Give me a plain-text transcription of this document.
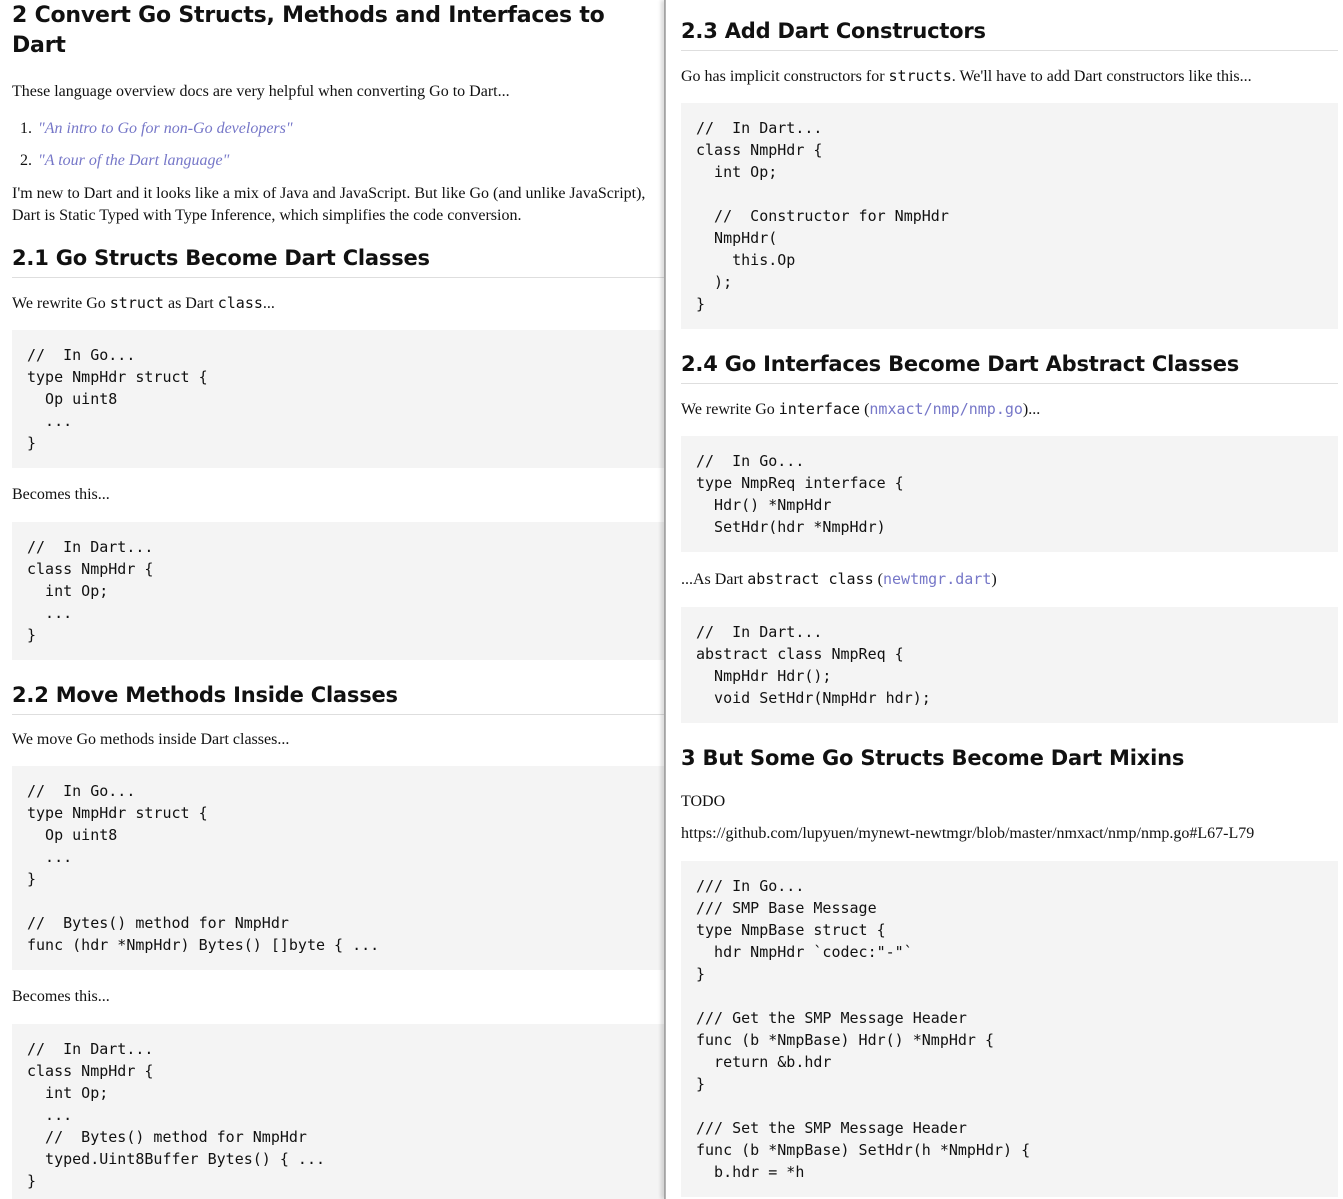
2 Convert Go Structs, Methods and Interfaces to Dart

These language overview docs are very helpful when converting Go to Dart...

1. "An intro to Go for non-Go developers"
2. "A tour of the Dart language"

I'm new to Dart and it looks like a mix of Java and JavaScript. But like Go (and unlike JavaScript), Dart is Static Typed with Type Inference, which simplifies the code conversion.

2.1 Go Structs Become Dart Classes

We rewrite Go struct as Dart class...

//  In Go...
type NmpHdr struct {
Op uint8
...
}

Becomes this...

//  In Dart...
class NmpHdr {
int Op;
...
}
2.2 Move Methods Inside Classes

We move Go methods inside Dart classes...

//  In Go...
type NmpHdr struct {
Op uint8
...
}

//  Bytes() method for NmpHdr
func (hdr *NmpHdr) Bytes() []byte { ...

Becomes this...

//  In Dart...
class NmpHdr {
int Op;
...
//  Bytes() method for NmpHdr
typed.Uint8Buffer Bytes() { ...
}
2.3 Add Dart Constructors

Go has implicit constructors for structs. We'll have to add Dart constructors like this...

//  In Dart...
class NmpHdr {
int Op;

//  Constructor for NmpHdr
NmpHdr(
this.Op
);
}
2.4 Go Interfaces Become Dart Abstract Classes

We rewrite Go interface (nmxact/nmp/nmp.go)...

//  In Go...
type NmpReq interface {
Hdr() *NmpHdr
SetHdr(hdr *NmpHdr)

...As Dart abstract class (newtmgr.dart)

//  In Dart...
abstract class NmpReq {
NmpHdr Hdr();
void SetHdr(NmpHdr hdr);
3 But Some Go Structs Become Dart Mixins

TODO

https://github.com/lupyuen/mynewt-newtmgr/blob/master/nmxact/nmp/nmp.go#L67-L79

/// In Go...
/// SMP Base Message
type NmpBase struct {
hdr NmpHdr `codec:"-"`
}

/// Get the SMP Message Header
func (b *NmpBase) Hdr() *NmpHdr {
return &b.hdr
}

/// Set the SMP Message Header
func (b *NmpBase) SetHdr(h *NmpHdr) {
b.hdr = *h
